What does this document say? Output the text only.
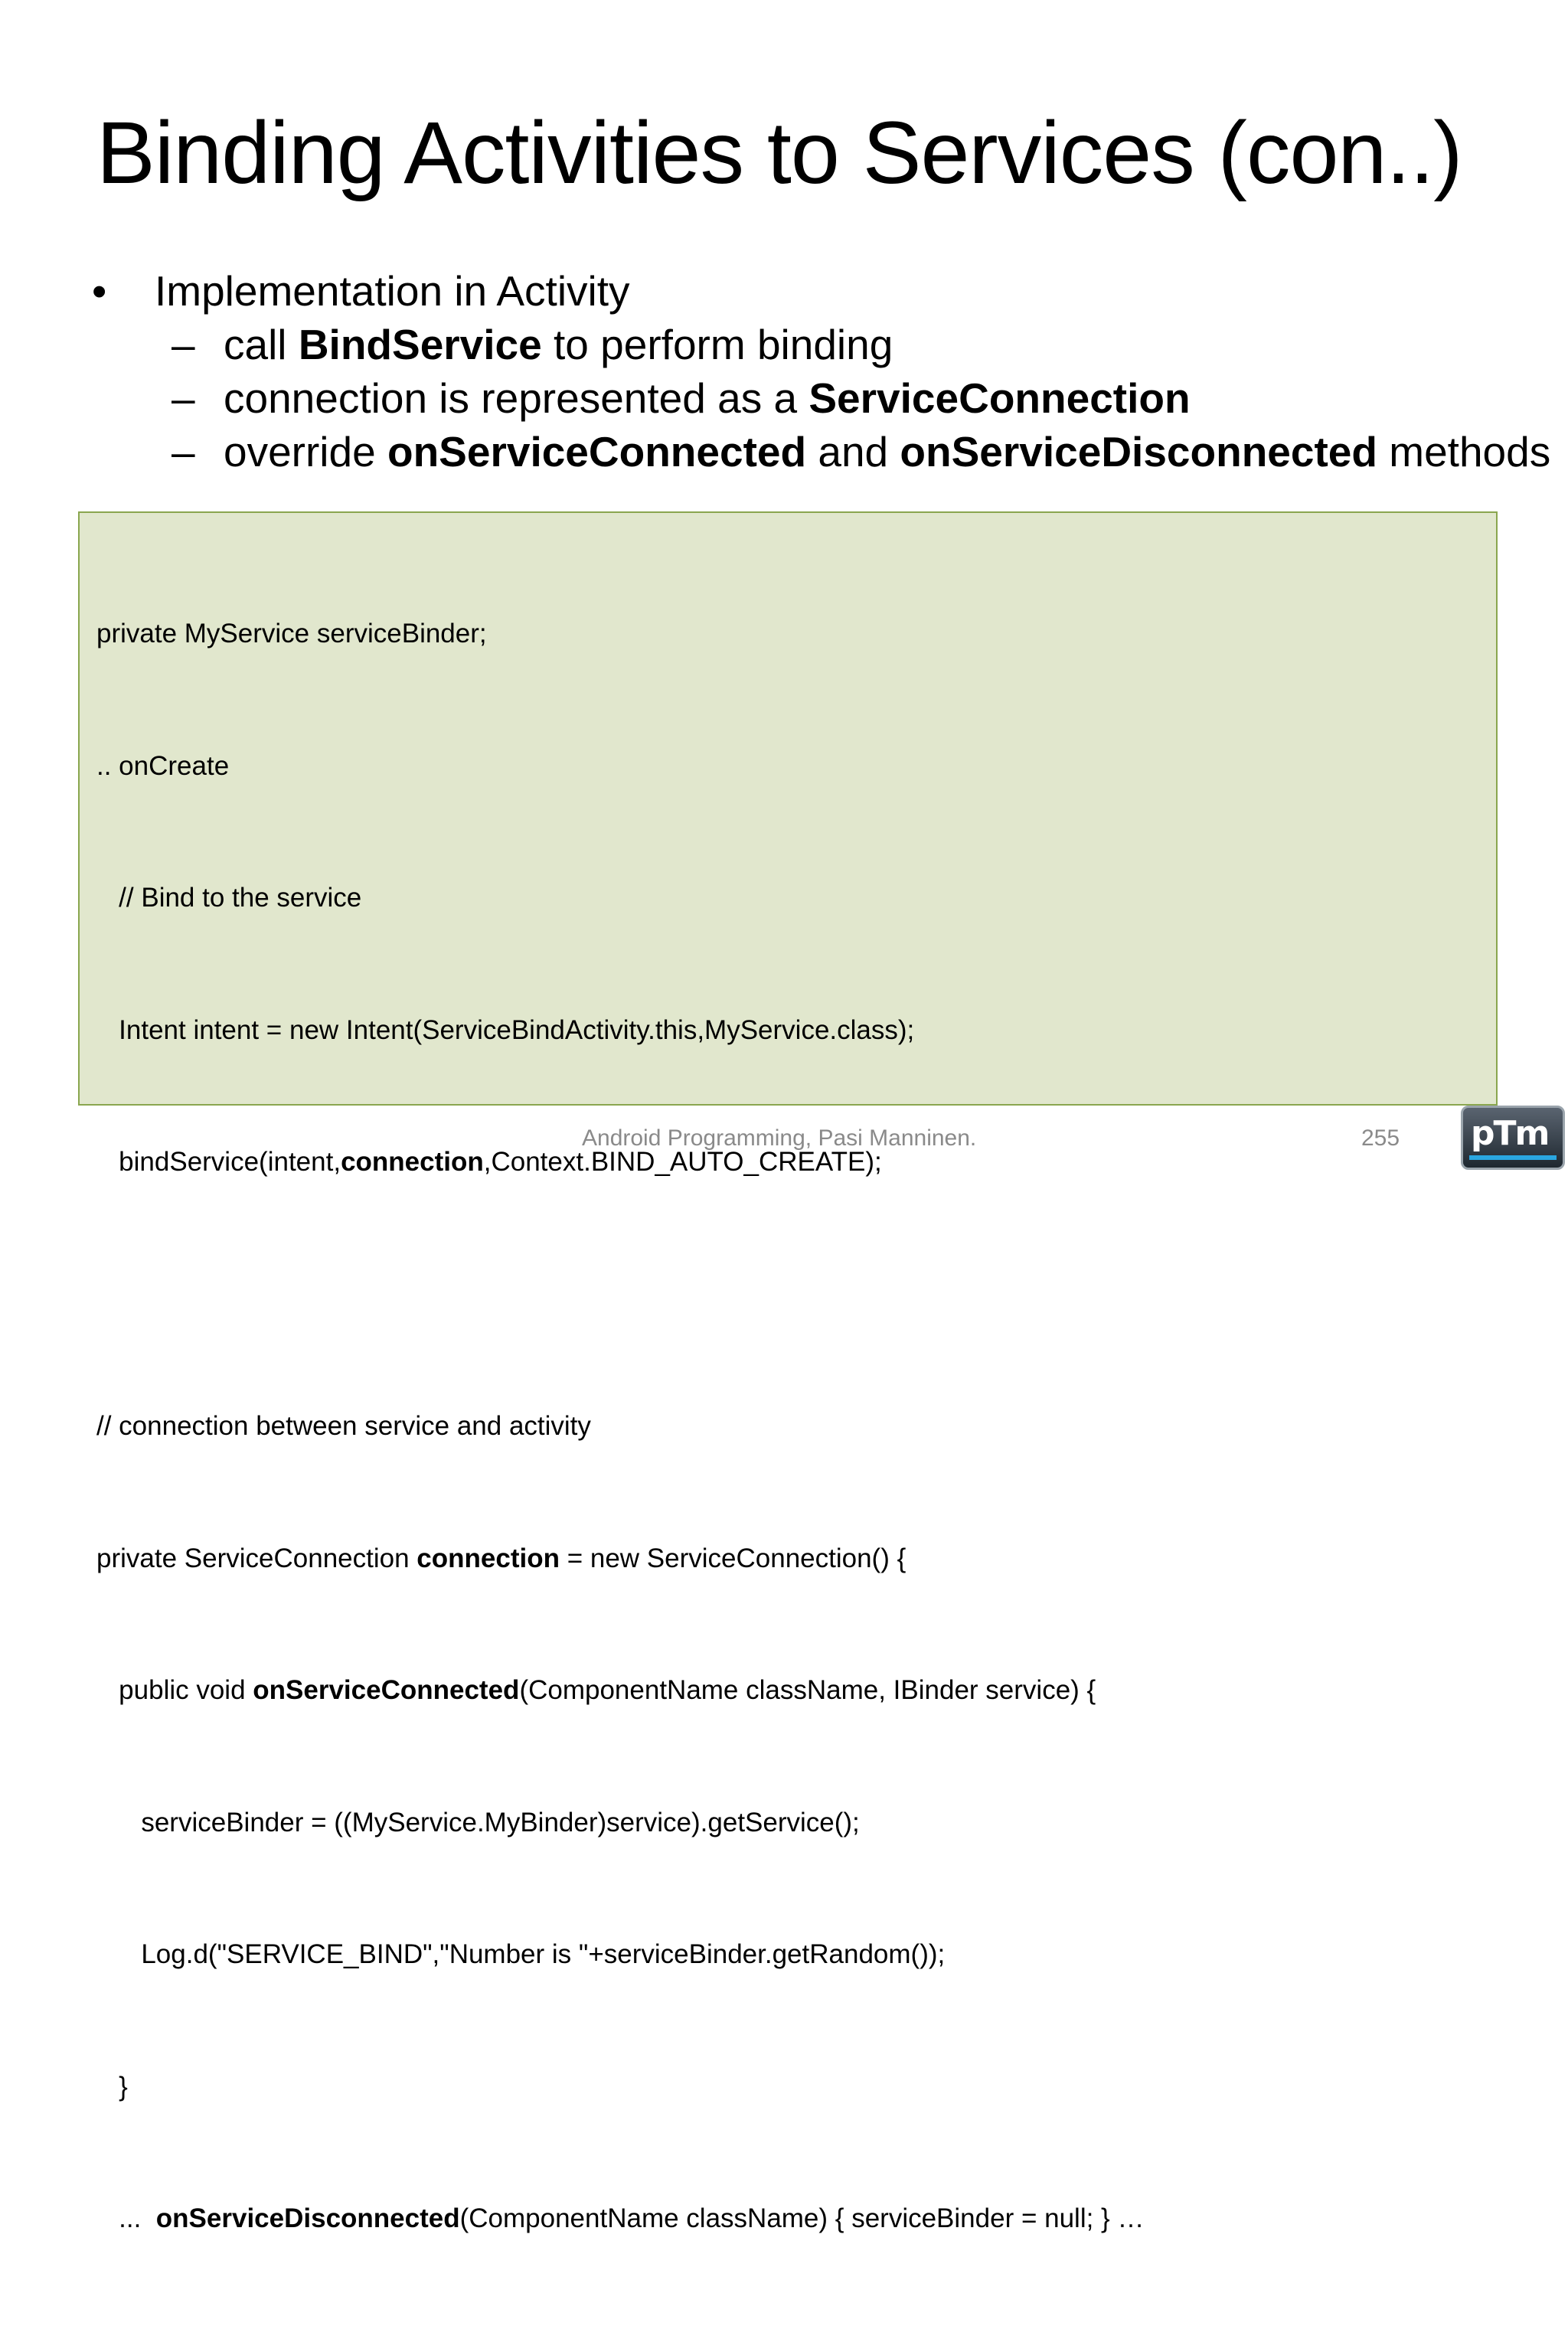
Binding Activities to Services (con..)
•	Implementation in Activity
– call BindService to perform binding
– connection is represented as a ServiceConnection
– override onServiceConnected and onServiceDisconnected methods

private MyService serviceBinder;

.. onCreate

// Bind to the service

Intent intent = new Intent(ServiceBindActivity.this,MyService.class);

bindService(intent,connection,Context.BIND_AUTO_CREATE);

// connection between service and activity

private ServiceConnection connection = new ServiceConnection() {

public void onServiceConnected(ComponentName className, IBinder service) {

serviceBinder = ((MyService.MyBinder)service).getService();

Log.d("SERVICE_BIND","Number is "+serviceBinder.getRandom());

}

...  onServiceDisconnected(ComponentName className) { serviceBinder = null; } …

Android Programming, Pasi Manninen.	255 pTm
